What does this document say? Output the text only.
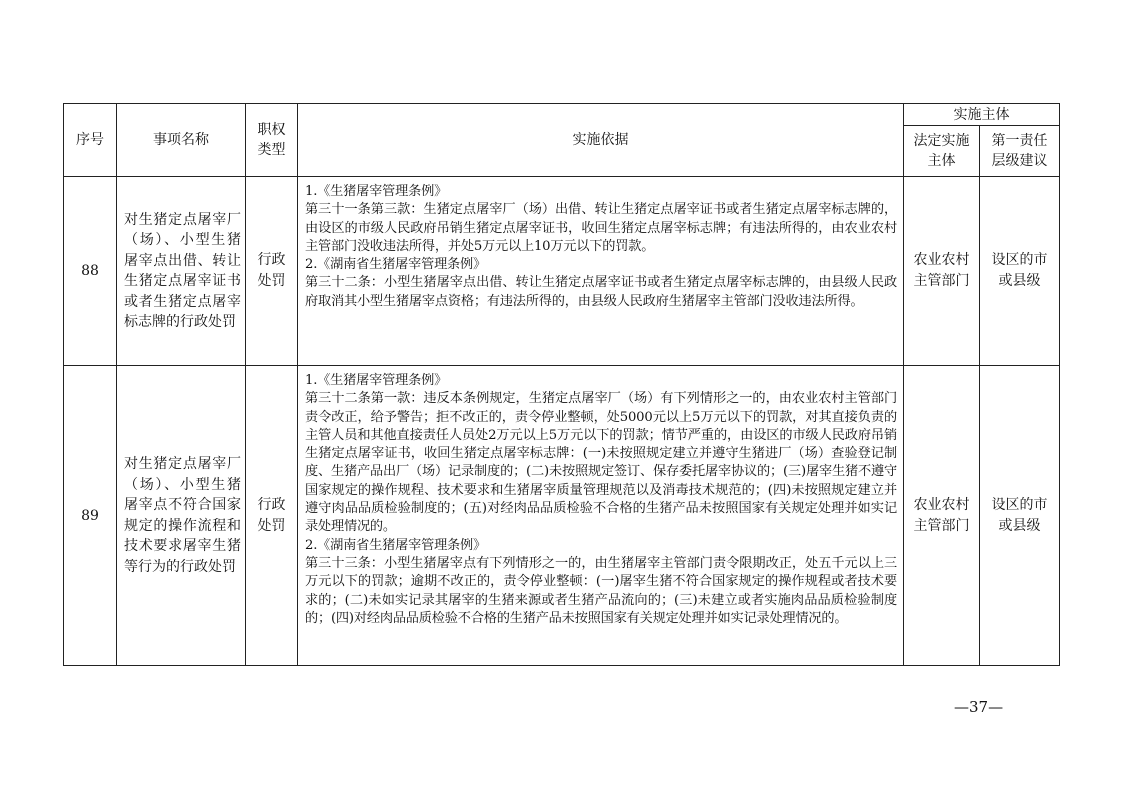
序号	事项名称	职权类型	实施依据	实施主体	
				法定实施主体	第一责任层级建议
88	对生猪定点屠宰厂（场）、小型生猪屠宰点出借、转让生猪定点屠宰证书或者生猪定点屠宰标志牌的行政处罚	行政处罚	1.《生猪屠宰管理条例》

第三十一条第三款：生猪定点屠宰厂（场）出借、转让生猪定点屠宰证书或者生猪定点屠宰标志牌的，由设区的市级人民政府吊销生猪定点屠宰证书，收回生猪定点屠宰标志牌；有违法所得的，由农业农村主管部门没收违法所得，并处5万元以上10万元以下的罚款。

2.《湖南省生猪屠宰管理条例》

第三十二条：小型生猪屠宰点出借、转让生猪定点屠宰证书或者生猪定点屠宰标志牌的，由县级人民政府取消其小型生猪屠宰点资格；有违法所得的，由县级人民政府生猪屠宰主管部门没收违法所得。	农业农村主管部门	设区的市或县级
89	对生猪定点屠宰厂（场）、小型生猪屠宰点不符合国家规定的操作流程和技术要求屠宰生猪等行为的行政处罚	行政处罚	1.《生猪屠宰管理条例》

第三十二条第一款：违反本条例规定，生猪定点屠宰厂（场）有下列情形之一的，由农业农村主管部门责令改正，给予警告；拒不改正的，责令停业整顿，处5000元以上5万元以下的罚款，对其直接负责的主管人员和其他直接责任人员处2万元以上5万元以下的罚款；情节严重的，由设区的市级人民政府吊销生猪定点屠宰证书，收回生猪定点屠宰标志牌：(一)未按照规定建立并遵守生猪进厂（场）查验登记制度、生猪产品出厂（场）记录制度的；(二)未按照规定签订、保存委托屠宰协议的；(三)屠宰生猪不遵守国家规定的操作规程、技术要求和生猪屠宰质量管理规范以及消毒技术规范的；(四)未按照规定建立并遵守肉品品质检验制度的；(五)对经肉品品质检验不合格的生猪产品未按照国家有关规定处理并如实记录处理情况的。

2.《湖南省生猪屠宰管理条例》

第三十三条：小型生猪屠宰点有下列情形之一的，由生猪屠宰主管部门责令限期改正，处五千元以上三万元以下的罚款；逾期不改正的，责令停业整顿：(一)屠宰生猪不符合国家规定的操作规程或者技术要求的；(二)未如实记录其屠宰的生猪来源或者生猪产品流向的；(三)未建立或者实施肉品品质检验制度的；(四)对经肉品品质检验不合格的生猪产品未按照国家有关规定处理并如实记录处理情况的。	农业农村主管部门	设区的市或县级
—37—
